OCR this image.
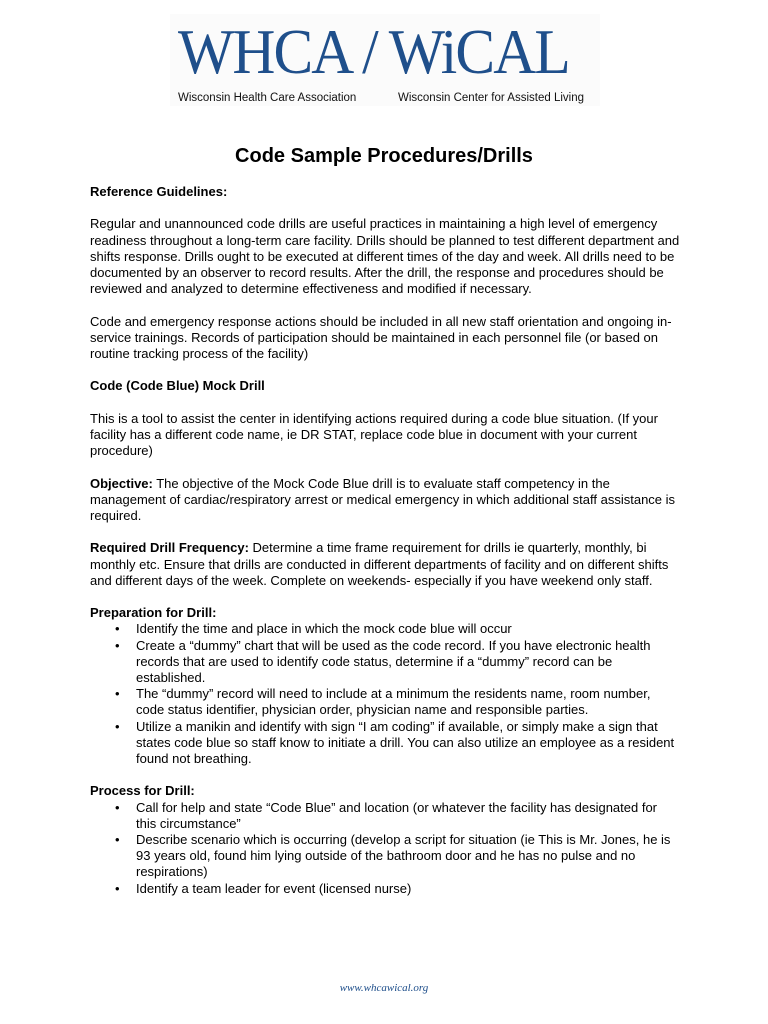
WHCA / WiCAL
Wisconsin Health Care Association	Wisconsin Center for Assisted Living
Code Sample Procedures/Drills

Reference Guidelines:

Regular and unannounced code drills are useful practices in maintaining a high level of emergency readiness throughout a long-term care facility. Drills should be planned to test different department and shifts response. Drills ought to be executed at different times of the day and week. All drills need to be documented by an observer to record results. After the drill, the response and procedures should be reviewed and analyzed to determine effectiveness and modified if necessary.

Code and emergency response actions should be included in all new staff orientation and ongoing in-service trainings. Records of participation should be maintained in each personnel file (or based on routine tracking process of the facility)

Code (Code Blue) Mock Drill

This is a tool to assist the center in identifying actions required during a code blue situation. (If your facility has a different code name, ie DR STAT, replace code blue in document with your current procedure)

Objective: The objective of the Mock Code Blue drill is to evaluate staff competency in the management of cardiac/respiratory arrest or medical emergency in which additional staff assistance is required.

Required Drill Frequency: Determine a time frame requirement for drills ie quarterly, monthly, bi monthly etc. Ensure that drills are conducted in different departments of facility and on different shifts and different days of the week. Complete on weekends- especially if you have weekend only staff.

Preparation for Drill:
• Identify the time and place in which the mock code blue will occur
• Create a “dummy” chart that will be used as the code record. If you have electronic health records that are used to identify code status, determine if a “dummy” record can be established.
• The “dummy” record will need to include at a minimum the residents name, room number, code status identifier, physician order, physician name and responsible parties.
• Utilize a manikin and identify with sign “I am coding” if available, or simply make a sign that states code blue so staff know to initiate a drill. You can also utilize an employee as a resident found not breathing.
Process for Drill:
• Call for help and state “Code Blue” and location (or whatever the facility has designated for this circumstance”
• Describe scenario which is occurring (develop a script for situation (ie This is Mr. Jones, he is 93 years old, found him lying outside of the bathroom door and he has no pulse and no respirations)
• Identify a team leader for event (licensed nurse)
www.whcawical.org
